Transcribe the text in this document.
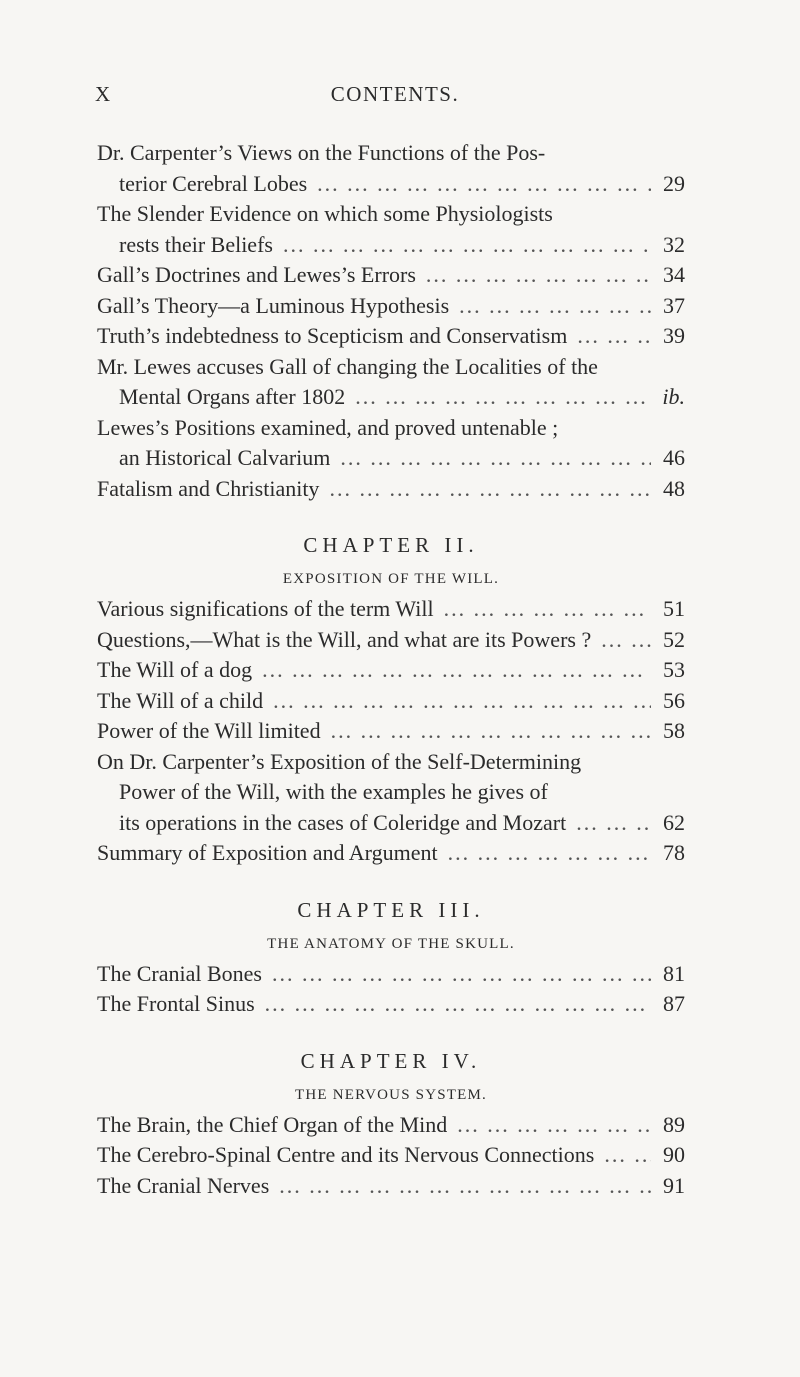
X	CONTENTS.
Dr. Carpenter’s Views on the Functions of the Pos-
terior Cerebral Lobes ... .	29
The Slender Evidence on which some Physiologists
rests their Beliefs ... .	32
Gall’s Doctrines and Lewes’s Errors ... .	34
Gall’s Theory—a Luminous Hypothesis ... .	37
Truth’s indebtedness to Scepticism and Conservatism ... .	39
Mr. Lewes accuses Gall of changing the Localities of the
Mental Organs after 1802 ... .	ib.
Lewes’s Positions examined, and proved untenable ;
an Historical Calvarium ... .	46
Fatalism and Christianity ... .	48
CHAPTER II.
EXPOSITION OF THE WILL.
Various significations of the term Will ... .	51
Questions,—What is the Will, and what are its Powers ? ... .	52
The Will of a dog ... .	53
The Will of a child ... .	56
Power of the Will limited ... .	58
On Dr. Carpenter’s Exposition of the Self-Determining
Power of the Will, with the examples he gives of
its operations in the cases of Coleridge and Mozart ... .	62
Summary of Exposition and Argument ... .	78
CHAPTER III.
THE ANATOMY OF THE SKULL.
The Cranial Bones ... .	81
The Frontal Sinus ... .	87
CHAPTER IV.
THE NERVOUS SYSTEM.
The Brain, the Chief Organ of the Mind ... .	89
The Cerebro-Spinal Centre and its Nervous Connections ... .	90
The Cranial Nerves ... .	91
